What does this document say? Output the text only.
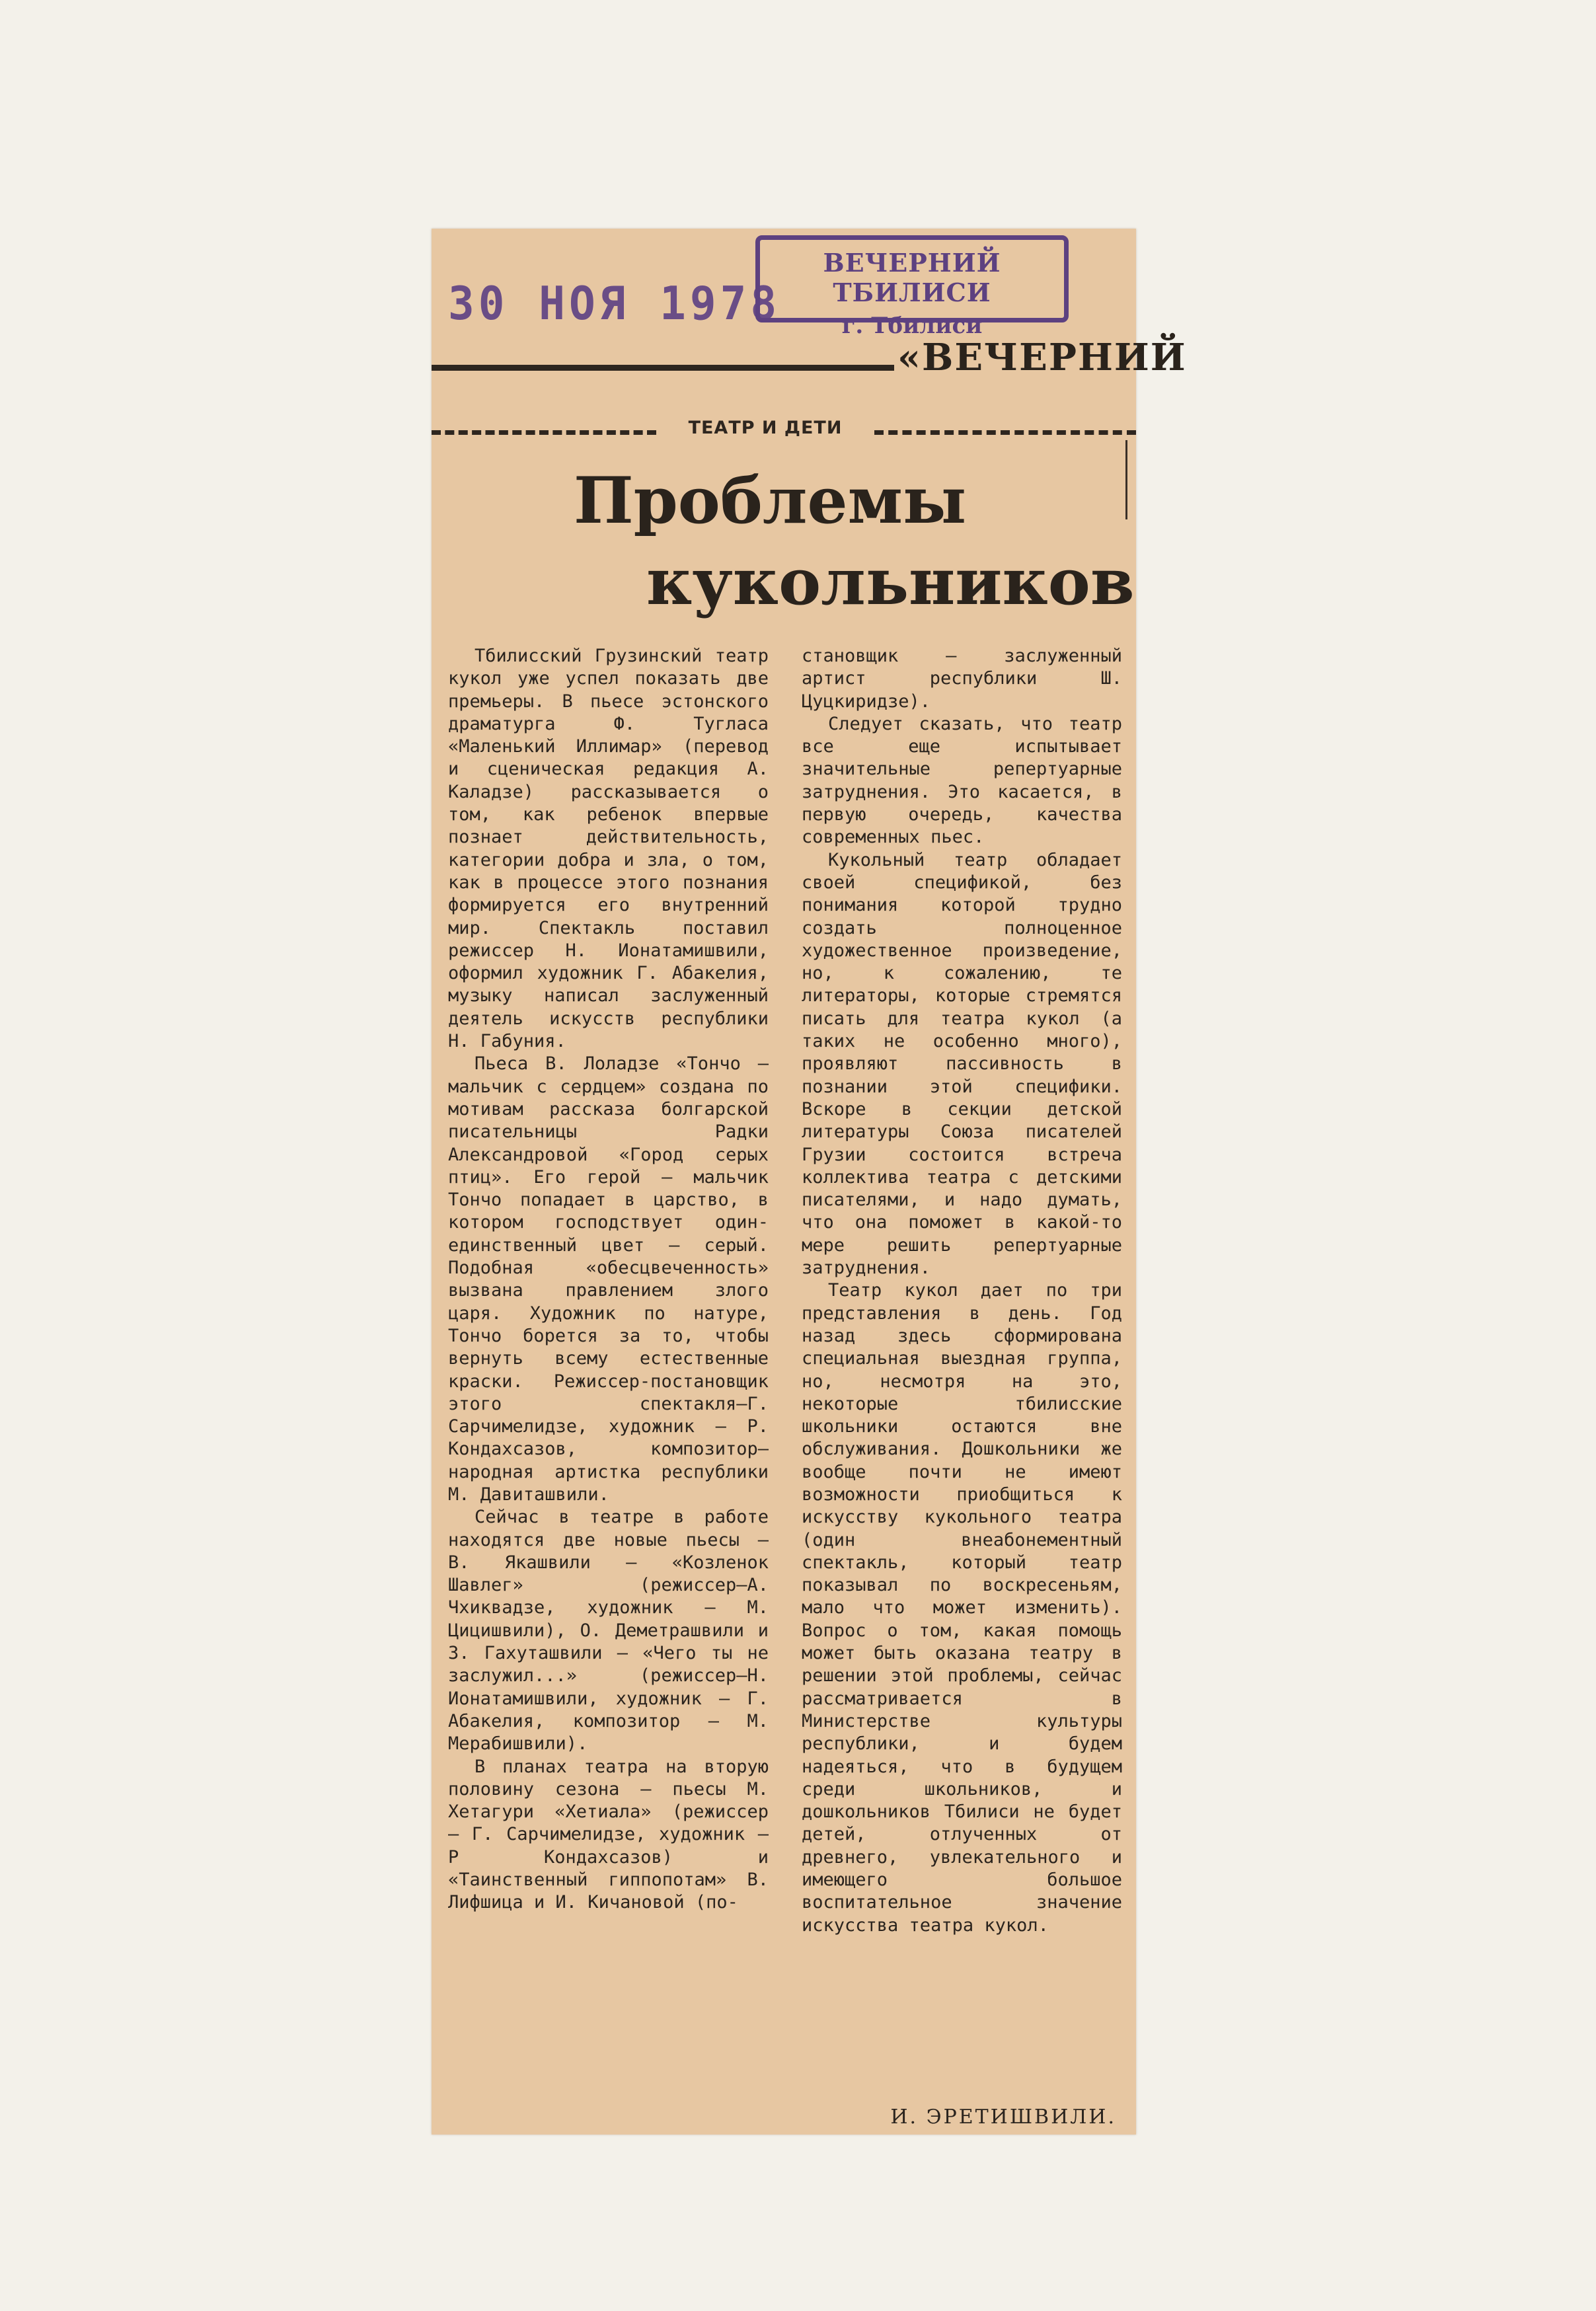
30 НОЯ 1978
ВЕЧЕРНИЙ ТБИЛИСИ
г. Тбилиси
«ВЕЧЕРНИЙ
ТЕАТР И ДЕТИ
Проблемы
кукольников

Тбилисский Грузинский театр кукол уже успел показать две премьеры. В пьесе эстонского драматурга Ф. Тугласа «Маленький Иллимар» (перевод и сценическая редакция А. Каладзе) рассказывается о том, как ребенок впервые познает действительность, категории добра и зла, о том, как в процессе этого познания формируется его внутренний мир. Спектакль поставил режиссер Н. Ионатамишвили, оформил художник Г. Абакелия, музыку написал заслуженный деятель искусств республики Н. Габуния.

Пьеса В. Лоладзе «Тончо — мальчик с сердцем» создана по мотивам рассказа болгарской писательницы Радки Александровой «Город серых птиц». Его герой — мальчик Тончо попадает в царство, в котором господствует один-единственный цвет — серый. Подобная «обесцвеченность» вызвана правлением злого царя. Художник по натуре, Тончо борется за то, чтобы вернуть всему естественные краски. Режиссер-постановщик этого спектакля—Г. Сарчимелидзе, художник — Р. Кондахсазов, композитор—народная артистка республики М. Давиташвили.

Сейчас в театре в работе находятся две новые пьесы — В. Якашвили — «Козленок Шавлег» (режиссер—А. Чхиквадзе, художник — М. Цицишвили), О. Деметрашвили и З. Гахуташвили — «Чего ты не заслужил...» (режиссер—Н. Ионатамишвили, художник — Г. Абакелия, композитор — М. Мерабишвили).

В планах театра на вторую половину сезона — пьесы М. Хетагури «Хетиала» (режиссер — Г. Сарчимелидзе, художник — Р Кондахсазов) и «Таинственный гиппопотам» В. Лифшица и И. Кичановой (по-

становщик — заслуженный артист республики Ш. Цуцкиридзе).

Следует сказать, что театр все еще испытывает значительные репертуарные затруднения. Это касается, в первую очередь, качества современных пьес.

Кукольный театр обладает своей спецификой, без понимания которой трудно создать полноценное художественное произведение, но, к сожалению, те литераторы, которые стремятся писать для театра кукол (а таких не особенно много), проявляют пассивность в познании этой специфики. Вскоре в секции детской литературы Союза писателей Грузии состоится встреча коллектива театра с детскими писателями, и надо думать, что она поможет в какой-то мере решить репертуарные затруднения.

Театр кукол дает по три представления в день. Год назад здесь сформирована специальная выездная группа, но, несмотря на это, некоторые тбилисские школьники остаются вне обслуживания. Дошкольники же вообще почти не имеют возможности приобщиться к искусству кукольного театра (один внеабонементный спектакль, который театр показывал по воскресеньям, мало что может изменить). Вопрос о том, какая помощь может быть оказана театру в решении этой проблемы, сейчас рассматривается в Министерстве культуры республики, и будем надеяться, что в будущем среди школьников, и дошкольников Тбилиси не будет детей, отлученных от древнего, увлекательного и имеющего большое воспитательное значение искусства театра кукол.

И. ЭРЕТИШВИЛИ.
